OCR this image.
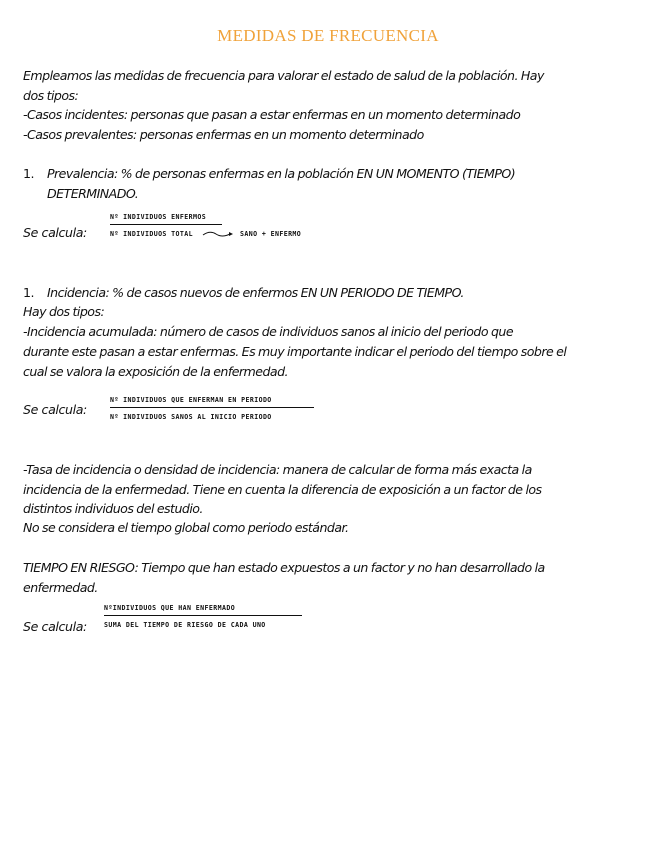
MEDIDAS DE FRECUENCIA
Empleamos las medidas de frecuencia para valorar el estado de salud de la población. Hay
dos tipos:
-Casos incidentes: personas que pasan a estar enfermas en un momento determinado
-Casos prevalentes: personas enfermas en un momento determinado
1. Prevalencia: % de personas enfermas en la población EN UN MOMENTO (TIEMPO)
DETERMINADO.
Se calcula:
Nº INDIVIDUOS ENFERMOS
Nº INDIVIDUOS TOTAL	SANO + ENFERMO
1. Incidencia: % de casos nuevos de enfermos EN UN PERIODO DE TIEMPO.
Hay dos tipos:
-Incidencia acumulada: número de casos de individuos sanos al inicio del periodo que
durante este pasan a estar enfermas. Es muy importante indicar el periodo del tiempo sobre el
cual se valora la exposición de la enfermedad.
Se calcula:
Nº INDIVIDUOS QUE ENFERMAN EN PERIODO
Nº INDIVIDUOS SANOS AL INICIO PERIODO
-Tasa de incidencia o densidad de incidencia: manera de calcular de forma más exacta la
incidencia de la enfermedad. Tiene en cuenta la diferencia de exposición a un factor de los
distintos individuos del estudio.
No se considera el tiempo global como periodo estándar.
TIEMPO EN RIESGO: Tiempo que han estado expuestos a un factor y no han desarrollado la
enfermedad.
Se calcula:
NºINDIVIDUOS QUE HAN ENFERMADO
SUMA DEL TIEMPO DE RIESGO DE CADA UNO
